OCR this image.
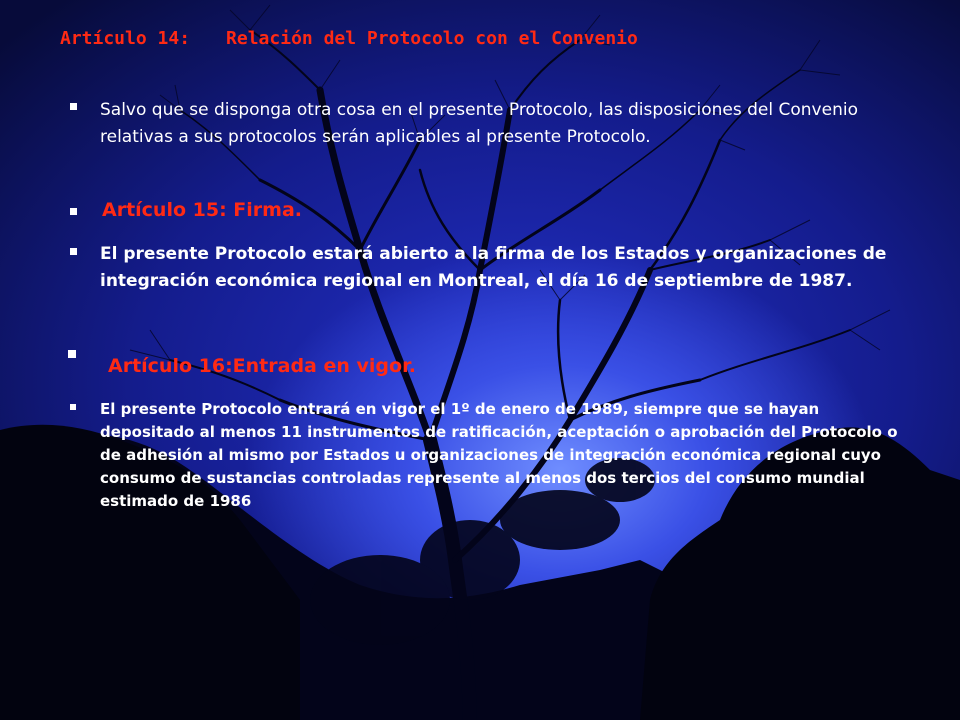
Artículo 14: Relación del Protocolo con el Convenio
Salvo que se disponga otra cosa en el presente Protocolo, las disposiciones del Convenio relativas a sus protocolos serán aplicables al presente Protocolo.
Artículo 15: Firma.
El presente Protocolo estará abierto a la firma de los Estados y organizaciones de integración económica regional en Montreal, el día 16 de septiembre de 1987.
Artículo 16:Entrada en vigor.
El presente Protocolo entrará en vigor el 1º de enero de 1989, siempre que se hayan depositado al menos 11 instrumentos de ratificación, aceptación o aprobación del Protocolo o de adhesión al mismo por Estados u organizaciones de integración económica regional cuyo consumo de sustancias controladas represente al menos dos tercios del consumo mundial estimado de 1986
